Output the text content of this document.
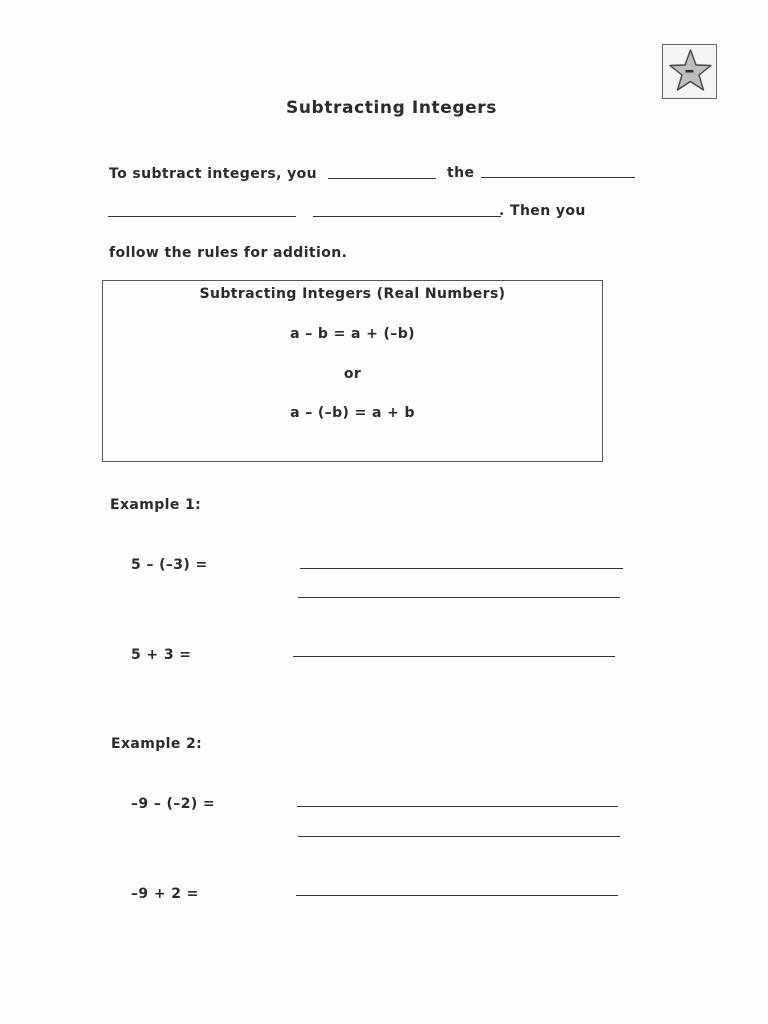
–
Subtracting Integers
To subtract integers, you	the
. Then you
follow the rules for addition.
Subtracting Integers (Real Numbers)
a – b = a + (–b)
or
a – (–b) = a + b
Example 1:
5 – (–3) =
5 + 3 =
Example 2:
–9 – (–2) =
–9 + 2 =
